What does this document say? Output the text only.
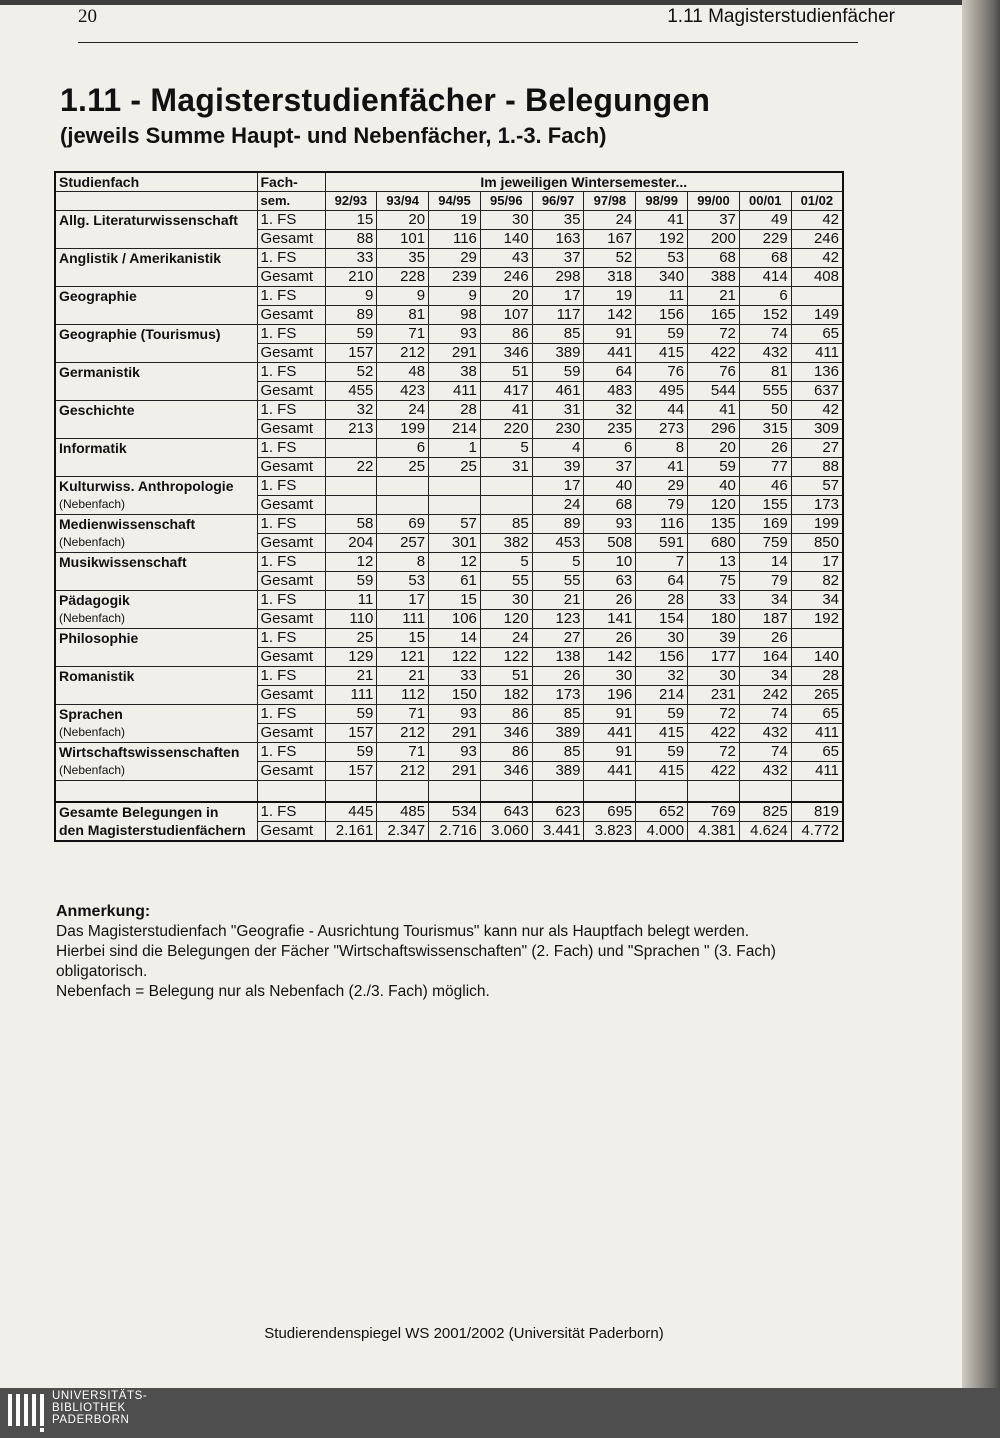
20	1.11 Magisterstudienfächer
1.11 - Magisterstudienfächer - Belegungen
(jeweils Summe Haupt- und Nebenfächer, 1.-3. Fach)
Studienfach	Fach-	Im jeweiligen Wintersemester...									
	sem.	92/93	93/94	94/95	95/96	96/97	97/98	98/99	99/00	00/01	01/02
Allg. Literaturwissenschaft	1. FS	15	20	19	30	35	24	41	37	49	42
	Gesamt	88	101	116	140	163	167	192	200	229	246
Anglistik / Amerikanistik	1. FS	33	35	29	43	37	52	53	68	68	42
	Gesamt	210	228	239	246	298	318	340	388	414	408
Geographie	1. FS	9	9	9	20	17	19	11	21	6	
	Gesamt	89	81	98	107	117	142	156	165	152	149
Geographie (Tourismus)	1. FS	59	71	93	86	85	91	59	72	74	65
	Gesamt	157	212	291	346	389	441	415	422	432	411
Germanistik	1. FS	52	48	38	51	59	64	76	76	81	136
	Gesamt	455	423	411	417	461	483	495	544	555	637
Geschichte	1. FS	32	24	28	41	31	32	44	41	50	42
	Gesamt	213	199	214	220	230	235	273	296	315	309
Informatik	1. FS		6	1	5	4	6	8	20	26	27
	Gesamt	22	25	25	31	39	37	41	59	77	88
Kulturwiss. Anthropologie
(Nebenfach)	1. FS					17	40	29	40	46	57
	Gesamt					24	68	79	120	155	173
Medienwissenschaft
(Nebenfach)	1. FS	58	69	57	85	89	93	116	135	169	199
	Gesamt	204	257	301	382	453	508	591	680	759	850
Musikwissenschaft	1. FS	12	8	12	5	5	10	7	13	14	17
	Gesamt	59	53	61	55	55	63	64	75	79	82
Pädagogik
(Nebenfach)	1. FS	11	17	15	30	21	26	28	33	34	34
	Gesamt	110	111	106	120	123	141	154	180	187	192
Philosophie	1. FS	25	15	14	24	27	26	30	39	26	
	Gesamt	129	121	122	122	138	142	156	177	164	140
Romanistik	1. FS	21	21	33	51	26	30	32	30	34	28
	Gesamt	111	112	150	182	173	196	214	231	242	265
Sprachen
(Nebenfach)	1. FS	59	71	93	86	85	91	59	72	74	65
	Gesamt	157	212	291	346	389	441	415	422	432	411
Wirtschaftswissenschaften
(Nebenfach)	1. FS	59	71	93	86	85	91	59	72	74	65
	Gesamt	157	212	291	346	389	441	415	422	432	411

Gesamte Belegungen in
den Magisterstudienfächern	1. FS	445	485	534	643	623	695	652	769	825	819
	Gesamt	2.161	2.347	2.716	3.060	3.441	3.823	4.000	4.381	4.624	4.772

Anmerkung:

Das Magisterstudienfach "Geografie - Ausrichtung Tourismus" kann nur als Hauptfach belegt werden.

Hierbei sind die Belegungen der Fächer "Wirtschaftswissenschaften" (2. Fach) und "Sprachen " (3. Fach) obligatorisch.

Nebenfach = Belegung nur als Nebenfach (2./3. Fach) möglich.

Studierendenspiegel WS 2001/2002 (Universität Paderborn)
UNIVERSITÄTS-
BIBLIOTHEK
PADERBORN
